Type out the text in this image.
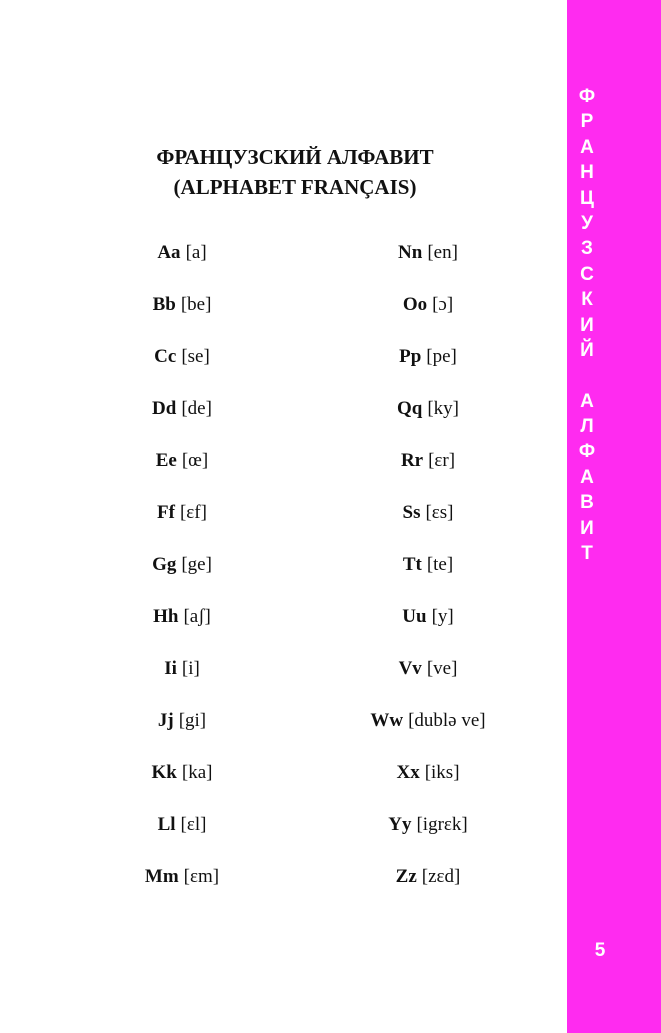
ФРАНЦУЗСКИЙ АЛФАВИТ
(ALPHABET FRANÇAIS)
Aa [a]
Bb [be]
Cc [se]
Dd [de]
Ee [œ]
Ff [ɛf]
Gg [ge]
Hh [aʃ]
Ii [i]
Jj [gi]
Kk [ka]
Ll [ɛl]
Mm [ɛm]
Nn [en]
Oo [ɔ]
Pp [pe]
Qq [ky]
Rr [ɛr]
Ss [ɛs]
Tt [te]
Uu [y]
Vv [ve]
Ww [dublə ve]
Xx [iks]
Yy [igrɛk]
Zz [zɛd]
Ф
Р
А
Н
Ц
У
З
С
К
И
Й
А
Л
Ф
А
В
И
Т
5
